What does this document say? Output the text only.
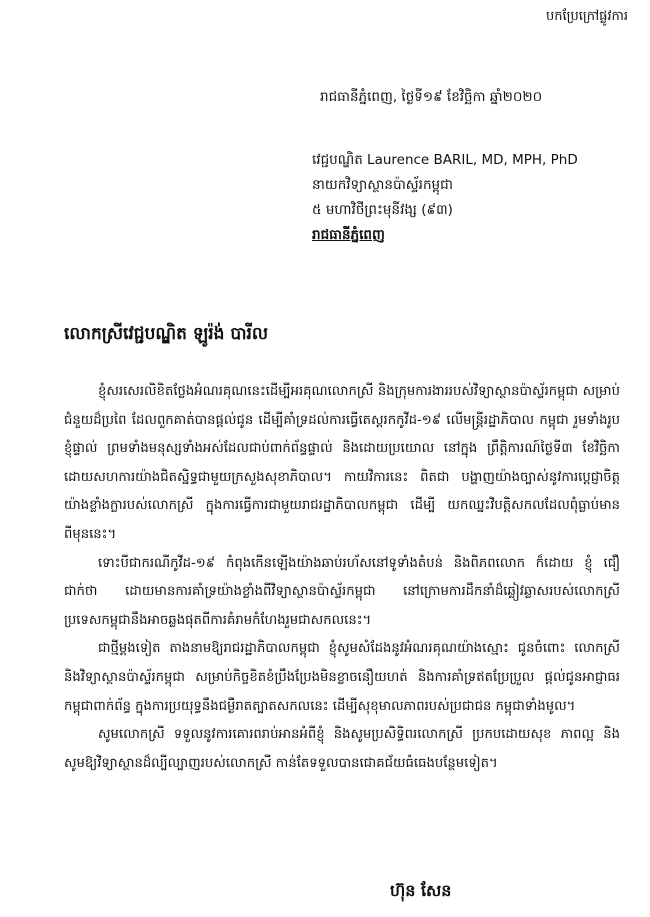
បកប្រែក្រៅផ្លូវការ
រាជធានីភ្នំពេញ, ថ្ងៃទី១៩ ខែវិច្ឆិកា ឆ្នាំ២០២០
វេជ្ជបណ្ឌិត Laurence BARIL, MD, MPH, PhD
នាយកវិទ្យាស្ថានប៉ាស្ទ័រកម្ពុជា
៥ មហាវិថីព្រះមុនីវង្ស (៩៣)
រាជធានីភ្នំពេញ
លោកស្រីវេជ្ជបណ្ឌិត ឡូរ៉ង់ បារីល

ខ្ញុំសរសេរលិខិតថ្លែងអំណរគុណនេះដើម្បីអរគុណលោកស្រី និងក្រុមការងាររបស់វិទ្យាស្ថានប៉ាស្ទ័រកម្ពុជា សម្រាប់ជំនួយដ៏ប្រពៃ ដែលពួកគាត់បានផ្តល់ជូន ដើម្បីគាំទ្រដល់ការធ្វើតេស្តរកកូវីដ-១៩ លើមន្ត្រីរដ្ឋាភិបាល កម្ពុជា រួមទាំងរូបខ្ញុំផ្ទាល់ ព្រមទាំងមនុស្សទាំងអស់ដែលជាប់ពាក់ព័ន្ធផ្ទាល់ និងដោយប្រយោល នៅក្នុង ព្រឹត្តិការណ៍ថ្ងៃទី៣ ខែវិច្ឆិកា ដោយសហការយ៉ាងជិតស្និទ្ធជាមួយក្រសួងសុខាភិបាល។ កាយវិការនេះ ពិតជា បង្ហាញយ៉ាងច្បាស់នូវការប្តេជ្ញាចិត្តយ៉ាងខ្លាំងក្លារបស់លោកស្រី ក្នុងការធ្វើការជាមួយរាជរដ្ឋាភិបាលកម្ពុជា ដើម្បី យកឈ្នះវិបត្តិសកលដែលពុំធ្លាប់មានពីមុននេះ។

ទោះបីជាករណីកូវីដ-១៩ កំពុងកើនឡើងយ៉ាងឆាប់រហ័សនៅទូទាំងតំបន់ និងពិភពលោក ក៏ដោយ ខ្ញុំ ជឿជាក់ថា ដោយមានការគាំទ្រយ៉ាងខ្លាំងពីវិទ្យាស្ថានប៉ាស្ទ័រកម្ពុជា នៅក្រោមការដឹកនាំដ៏ឆ្លៀវឆ្លាសរបស់លោកស្រី ប្រទេសកម្ពុជានឹងអាចឆ្លងផុតពីការគំរាមកំហែងរួមជាសកលនេះ។

ជាថ្មីម្តងទៀត តាងនាមឱ្យរាជរដ្ឋាភិបាលកម្ពុជា ខ្ញុំសូមសំដែងនូវអំណរគុណយ៉ាងស្មោះ ជូនចំពោះ លោកស្រី និងវិទ្យាស្ថានប៉ាស្ទ័រកម្ពុជា សម្រាប់កិច្ចខិតខំប្រឹងប្រែងមិនខ្លាចនឿយហត់ និងការគាំទ្រឥតប្រែប្រួល ផ្តល់ជូនអាជ្ញាធរកម្ពុជាពាក់ព័ន្ធ ក្នុងការប្រយុទ្ធនឹងជម្ងឺរាតត្បាតសកលនេះ ដើម្បីសុខុមាលភាពរបស់ប្រជាជន កម្ពុជាទាំងមូល។

សូមលោកស្រី ទទួលនូវការគោរពរាប់អានអំពីខ្ញុំ និងសូមប្រសិទ្ធិពរលោកស្រី ប្រកបដោយសុខ ភាពល្អ និងសូមឱ្យវិទ្យាស្ថានដ៏ល្បីល្បាញរបស់លោកស្រី កាន់តែទទួលបានជោគជ័យធំធេងបន្ថែមទៀត។

ហ៊ុន សែន
